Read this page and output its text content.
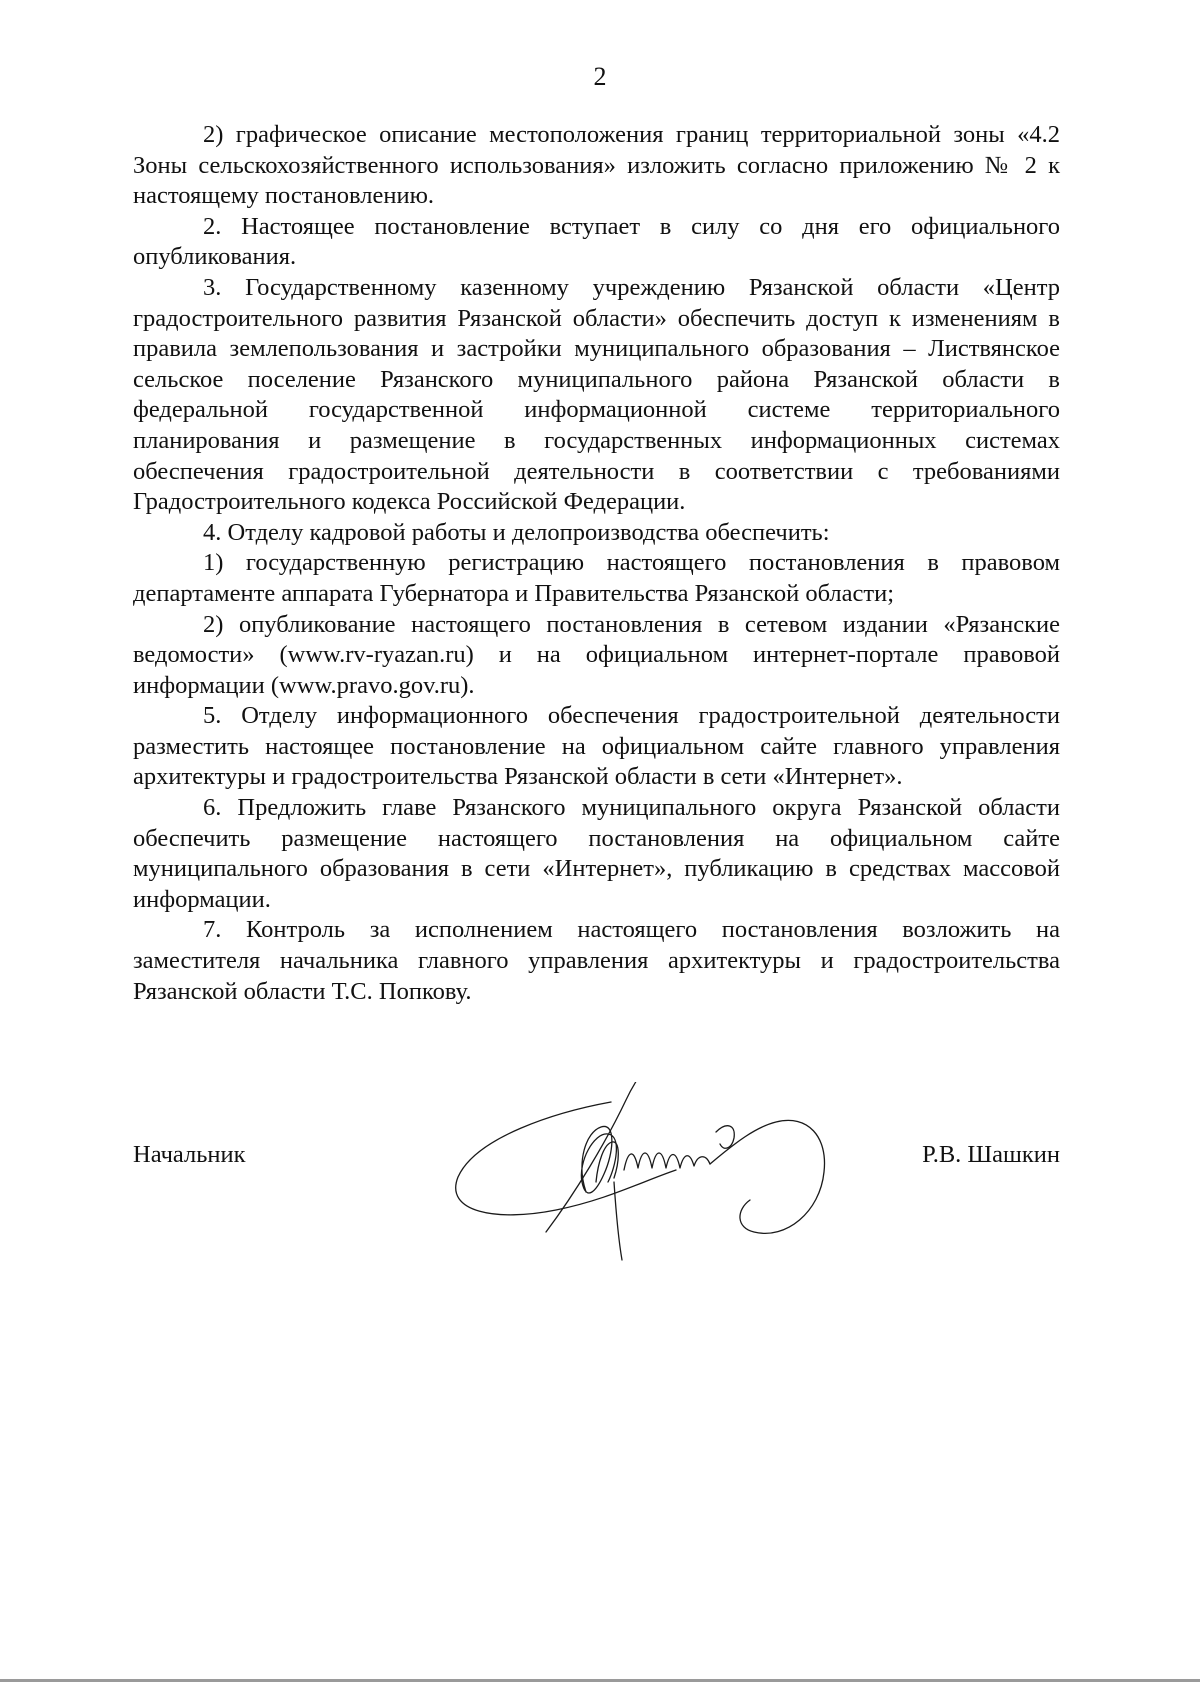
2

2) графическое описание местоположения границ территориальной зоны «4.2 Зоны сельскохозяйственного использования» изложить согласно приложению № 2 к настоящему постановлению.

2. Настоящее постановление вступает в силу со дня его официального опубликования.

3. Государственному казенному учреждению Рязанской области «Центр градостроительного развития Рязанской области» обеспечить доступ к изменениям в правила землепользования и застройки муниципального образования – Листвянское сельское поселение Рязанского муниципального района Рязанской области в федеральной государственной информационной системе территориального планирования и размещение в государственных информационных системах обеспечения градостроительной деятельности в соответствии с требованиями Градостроительного кодекса Российской Федерации.

4. Отделу кадровой работы и делопроизводства обеспечить:

1) государственную регистрацию настоящего постановления в правовом департаменте аппарата Губернатора и Правительства Рязанской области;

2) опубликование настоящего постановления в сетевом издании «Рязанские ведомости» (www.rv-ryazan.ru) и на официальном интернет-портале правовой информации (www.pravo.gov.ru).

5. Отделу информационного обеспечения градостроительной деятельности разместить настоящее постановление на официальном сайте главного управления архитектуры и градостроительства Рязанской области в сети «Интернет».

6. Предложить главе Рязанского муниципального округа Рязанской области обеспечить размещение настоящего постановления на официальном сайте муниципального образования в сети «Интернет», публикацию в средствах массовой информации.

7. Контроль за исполнением настоящего постановления возложить на заместителя начальника главного управления архитектуры и градостроительства Рязанской области Т.С. Попкову.

Начальник	Р.В. Шашкин
